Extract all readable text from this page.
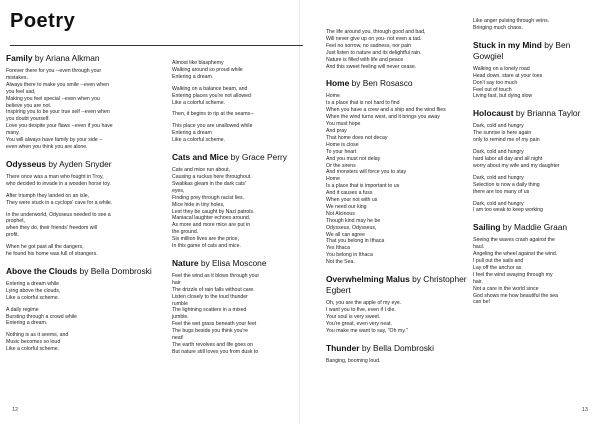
Poetry
Family by Ariana Alkman
Forever there for you --even through your
mistakes.
Always there to make you smile --even when
you feel sad,
Making you feel special --even when you
believe you are not.
Inspiring you to be your true self --even when
you doubt yourself.
Love you despite your flaws --even if you have
many.
You will always have family by your side --
even when you think you are alone.
Odysseus by Ayden Snyder
There once was a man who fought in Troy,
who decided to invade in a wooden horse toy.
After triumph they landed on an isle,
They were stuck in a cyclops' cave for a while.
In the underworld, Odysseus needed to see a
prophet,
when they do, their friends' freedom will
profit.
When he got past all the dangers,
he found his home was full of strangers.
Above the Clouds by Bella Dombroski
Entering a dream while
Lying above the clouds,
Like a colorful scheme.
A daily regime
Bursting through a crowd while
Entering a dream.
Nothing is as it seems, and
Music becomes so loud
Like a colorful scheme.
Almost like blasphemy
Walking around so proud while
Entering a dream.
Walking on a balance beam, and
Entering places you're not allowed
Like a colorful scheme.
Then, it begins to rip at the seams--
This place you are unallowed while
Entering a dream
Like a colorful scheme.
Cats and Mice by Grace Perry
Cats and mice run about,
Causing a ruckus here throughout.
Swatikas gleam in the dark cats'
eyes,
Finding prey through racist lies.
Mice hide in tiny holes,
Lest they be caught by Nazi patrols.
Maniacal laughter echoes around,
As more and more mice are put in
the ground.
Six million lives are the price,
In this game of cats and mice.
Nature by Elisa Moscone
Feel the wind as it blows through your
hair
The drizzle of rain falls without care.
Listen closely to the loud thunder
rumble
The lightning scatters in a mixed
jumble.
Feel the wet grass beneath your feet
The bugs beside you think you're
neat!
The earth revolves and life goes on
But nature still loves you from dusk to
The life around you, through good and bad,
Will never give up on you- not even a tad.
Feel no sorrow, no sadness, nor pain
Just listen to nature and its delightful rain.
Nature is filled with life and peace
And this sweet feeling will never cease.
Home by Ben Rosasco
Home
Is a place that is not hard to find
When you have a crew and a ship and the wind flies
When the wind turns west, and it brings you away
You must hope
And pray
That home does not decay
Home is close
To your heart
And you must not delay
Or the sirens
And monsters will force you to stay
Home
Is a place that is important to us
And it causes a fuss
When your not with us
We need our king
Not Alcinous
Though kind may he be
Odysseus, Odysseus,
We all can agree
That you belong in Ithaca
Yes Ithaca
You belong in Ithaca
Not the Sea.
Overwhelming Malus by Christopher Egbert
Oh, you are the apple of my eye.
I want you to five, even if I die.
Your soul is very sweet.
You're great, even very neat.
You make me want to say, "Oh my."
Thunder by Bella Dombroski
Banging, booming loud.
Like anger pulsing through veins.
Bringing much chaos.
Stuck in my Mind by Ben Gowgiel
Walking on a lonely road
Head down, stare at your toes
Don't say too much
Feel out of touch
Living fast, but dying slow
Holocaust by Brianna Taylor
Dark, cold and hungry
The sunrise is here again
only to remind me of my pain
Dark, cold and hungry
hard labor all day and all night
worry about my wife and my daughter
Dark, cold and hungry
Selection is now a daily thing
there are too many of us
Dark, cold and hungry
I am too weak to keep working
Sailing by Maddie Graan
Seeing the waves crash against the
haul.
Angeling the wheel against the wind.
I pull out the sails and
Lay off the anchor as
I feel the wind swaying through my
hair.
Not a care in the world since
God shows me how beautiful the sea
can be!
12	13
